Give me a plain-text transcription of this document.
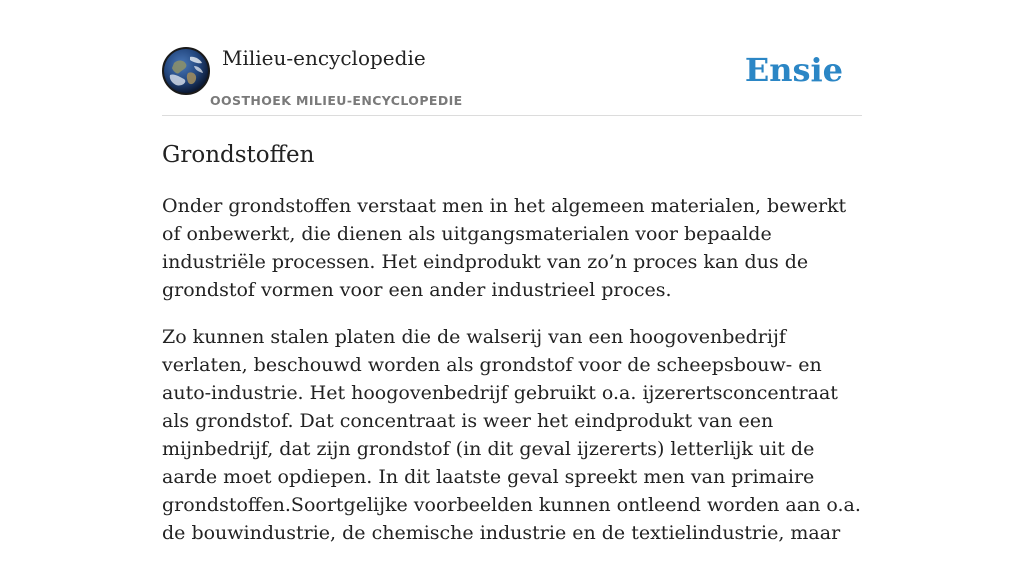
Milieu-encyclopedie
OOSTHOEK MILIEU-ENCYCLOPEDIE
Ensie
Grondstoffen

Onder grondstoffen verstaat men in het algemeen materialen, bewerkt of onbewerkt, die dienen als uitgangsmaterialen voor bepaalde industriële processen. Het eindprodukt van zo’n proces kan dus de grondstof vormen voor een ander industrieel proces.

Zo kunnen stalen platen die de walserij van een hoogovenbedrijf verlaten, beschouwd worden als grondstof voor de scheepsbouw- en auto-industrie. Het hoogovenbedrijf gebruikt o.a. ijzerertsconcentraat als grondstof. Dat concentraat is weer het eindprodukt van een mijnbedrijf, dat zijn grondstof (in dit geval ijzererts) letterlijk uit de aarde moet opdiepen. In dit laatste geval spreekt men van primaire grondstoffen.Soortgelijke voorbeelden kunnen ontleend worden aan o.a. de bouwindustrie, de chemische industrie en de textielindustrie, maar
